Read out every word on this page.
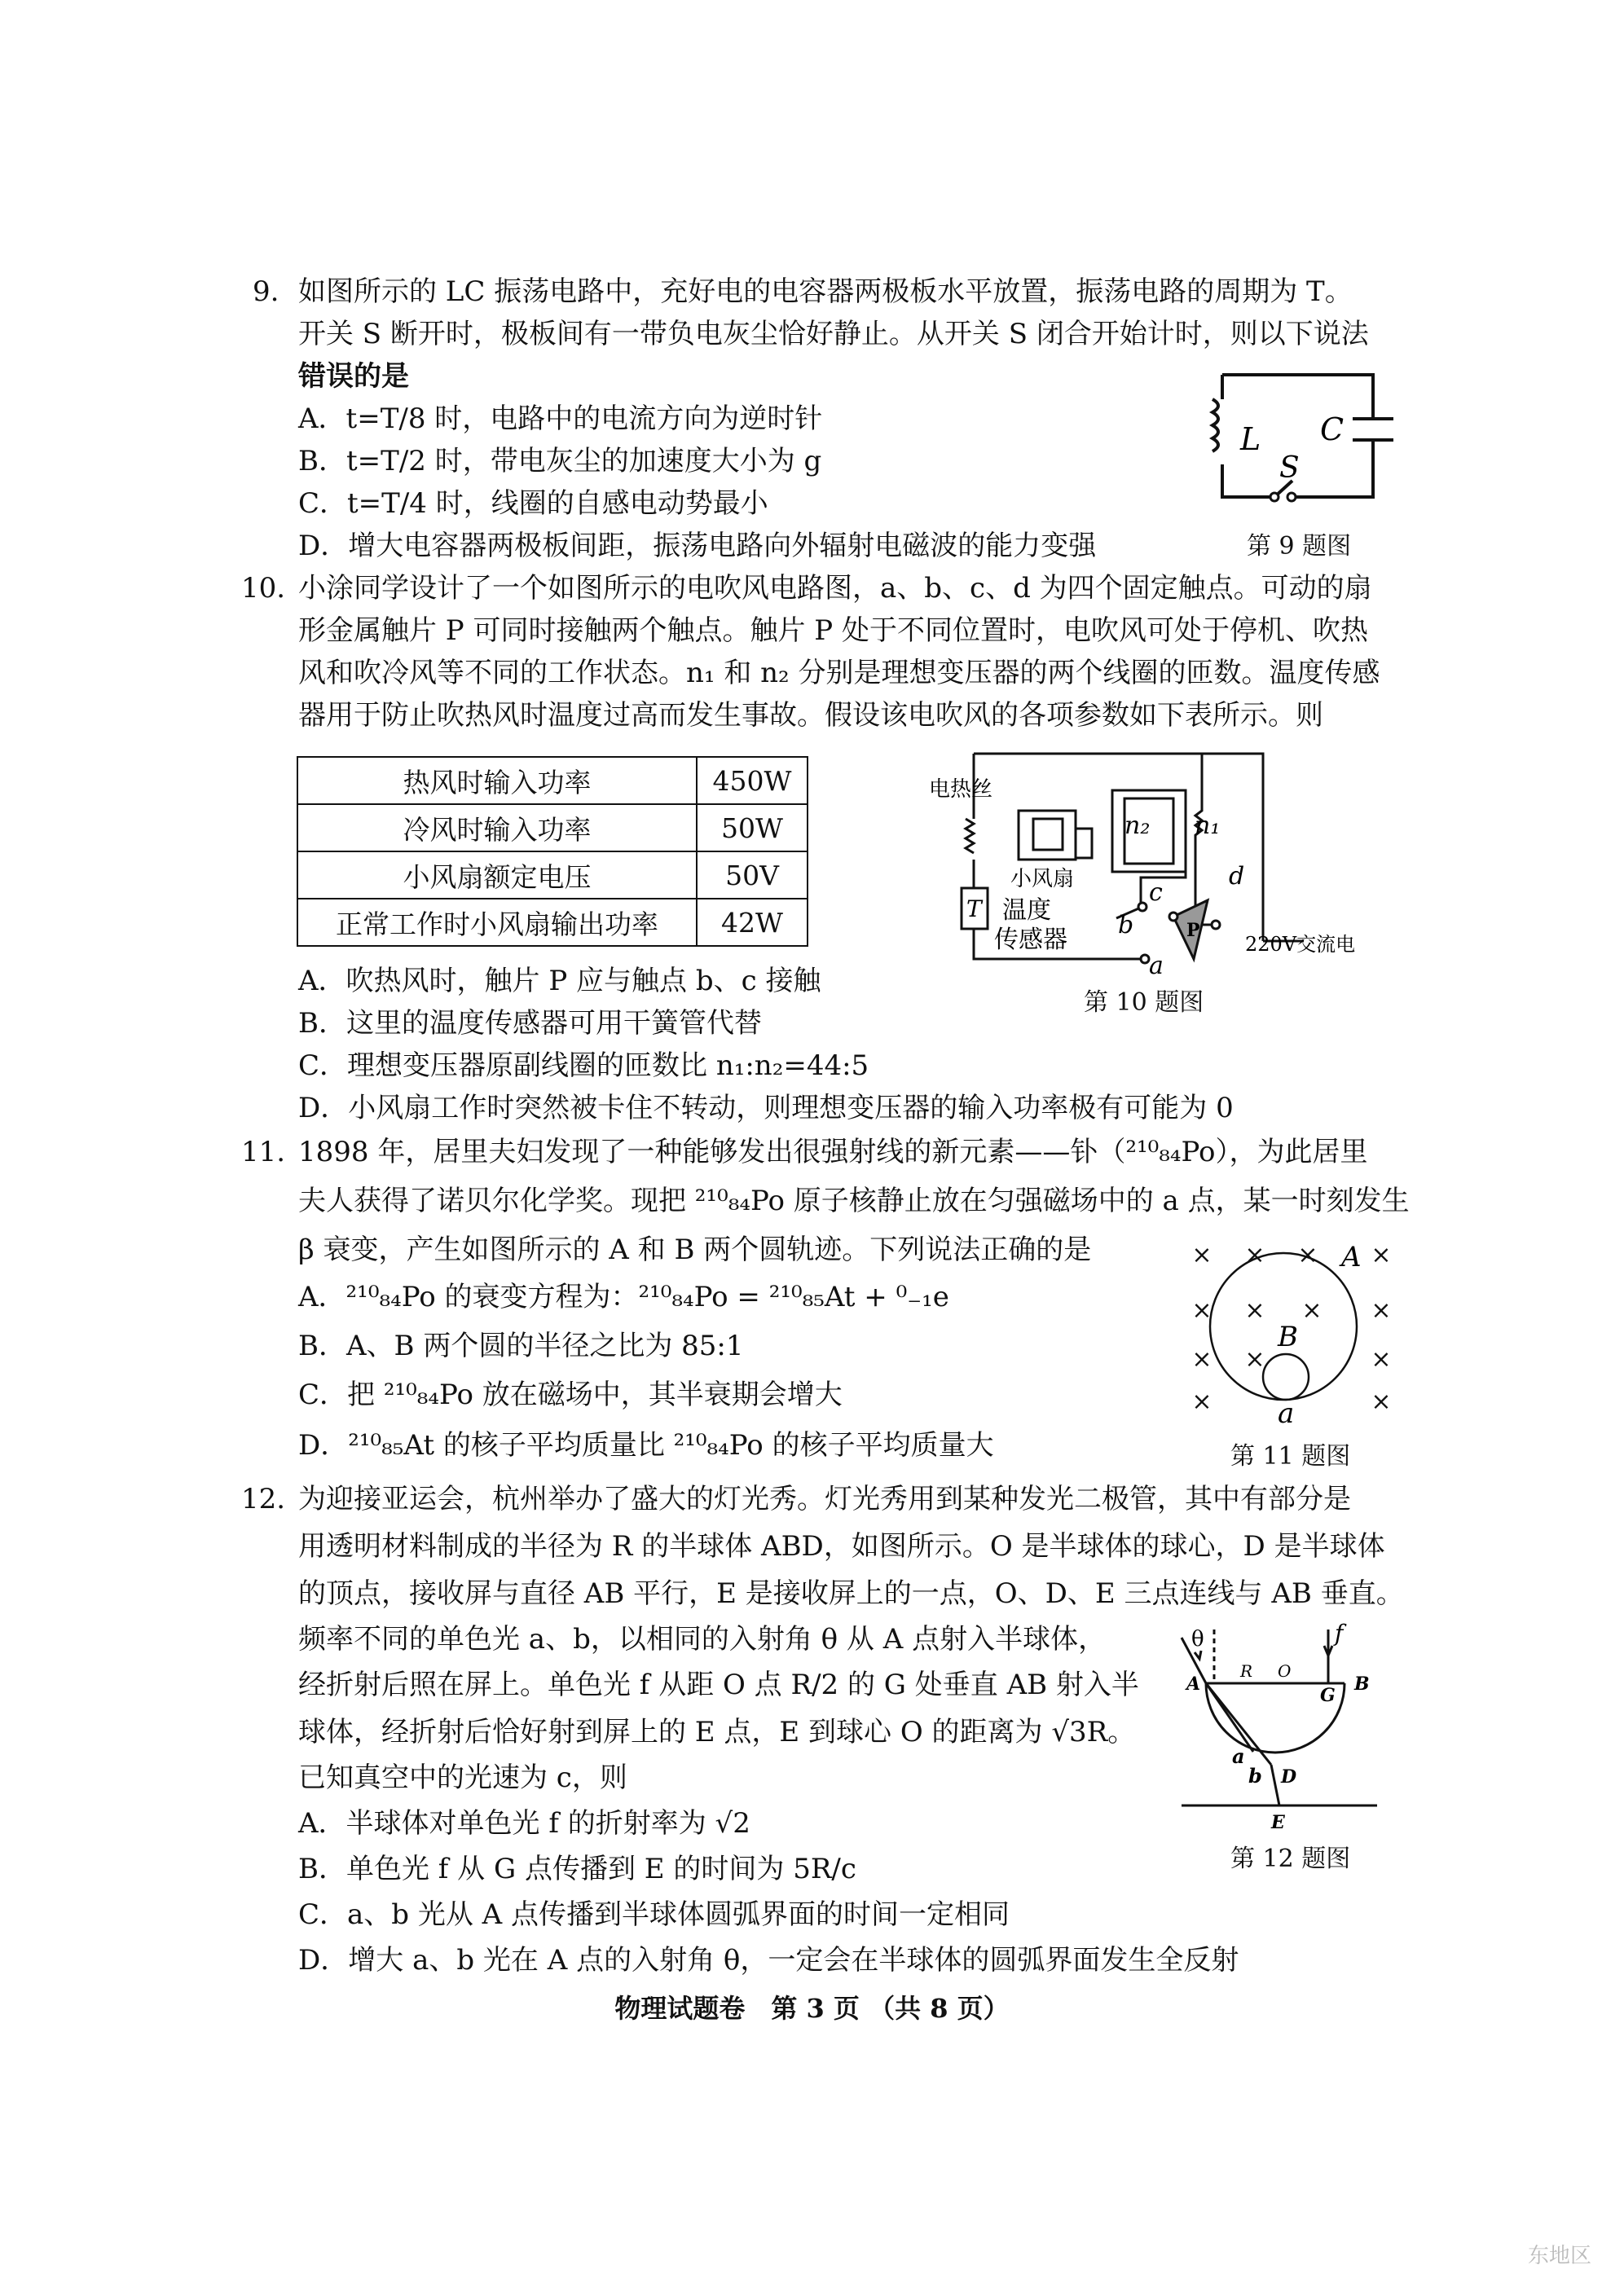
9. 如图所示的 LC 振荡电路中，充好电的电容器两极板水平放置，振荡电路的周期为 T。
开关 S 断开时，极板间有一带负电灰尘恰好静止。从开关 S 闭合开始计时，则以下说法
错误的是
A．t=T/8 时，电路中的电流方向为逆时针
B．t=T/2 时，带电灰尘的加速度大小为 g
C．t=T/4 时，线圈的自感电动势最小
D．增大电容器两极板间距，振荡电路向外辐射电磁波的能力变强
L C
S
第 9 题图
10. 小涂同学设计了一个如图所示的电吹风电路图，a、b、c、d 为四个固定触点。可动的扇
形金属触片 P 可同时接触两个触点。触片 P 处于不同位置时，电吹风可处于停机、吹热
风和吹冷风等不同的工作状态。n₁ 和 n₂ 分别是理想变压器的两个线圈的匝数。温度传感
器用于防止吹热风时温度过高而发生事故。假设该电吹风的各项参数如下表所示。则
热风时输入功率	450W
冷风时输入功率	50W
小风扇额定电压	50V
正常工作时小风扇输出功率	42W
电热丝
T
小风扇
温度
传感器
n₂ n₁
a
b
c
d
P
220V交流电
第 10 题图
A．吹热风时，触片 P 应与触点 b、c 接触
B．这里的温度传感器可用干簧管代替
C．理想变压器原副线圈的匝数比 n₁:n₂=44:5
D．小风扇工作时突然被卡住不转动，则理想变压器的输入功率极有可能为 0
11. 1898 年，居里夫妇发现了一种能够发出很强射线的新元素——钋（²¹⁰₈₄Po），为此居里
夫人获得了诺贝尔化学奖。现把 ²¹⁰₈₄Po 原子核静止放在匀强磁场中的 a 点，某一时刻发生
β 衰变，产生如图所示的 A 和 B 两个圆轨迹。下列说法正确的是
A．²¹⁰₈₄Po 的衰变方程为：²¹⁰₈₄Po = ²¹⁰₈₅At + ⁰₋₁e
B．A、B 两个圆的半径之比为 85:1
C．把 ²¹⁰₈₄Po 放在磁场中，其半衰期会增大
D．²¹⁰₈₅At 的核子平均质量比 ²¹⁰₈₄Po 的核子平均质量大
× × × ×
× × × ×
× ×	×
×	×
A
B
a
第 11 题图
12. 为迎接亚运会，杭州举办了盛大的灯光秀。灯光秀用到某种发光二极管，其中有部分是
用透明材料制成的半径为 R 的半球体 ABD，如图所示。O 是半球体的球心，D 是半球体
的顶点，接收屏与直径 AB 平行，E 是接收屏上的一点，O、D、E 三点连线与 AB 垂直。
频率不同的单色光 a、b，以相同的入射角 θ 从 A 点射入半球体，
经折射后照在屏上。单色光 f 从距 O 点 R/2 的 G 处垂直 AB 射入半
球体，经折射后恰好射到屏上的 E 点，E 到球心 O 的距离为 √3R。
已知真空中的光速为 c，则
A．半球体对单色光 f 的折射率为 √2
B．单色光 f 从 G 点传播到 E 的时间为 5R/c
C．a、b 光从 A 点传播到半球体圆弧界面的时间一定相同
D．增大 a、b 光在 A 点的入射角 θ，一定会在半球体的圆弧界面发生全反射
θ	f
R O
A
G
B
a
b D
E
第 12 题图
物理试题卷　第 3 页 （共 8 页）
东地区
